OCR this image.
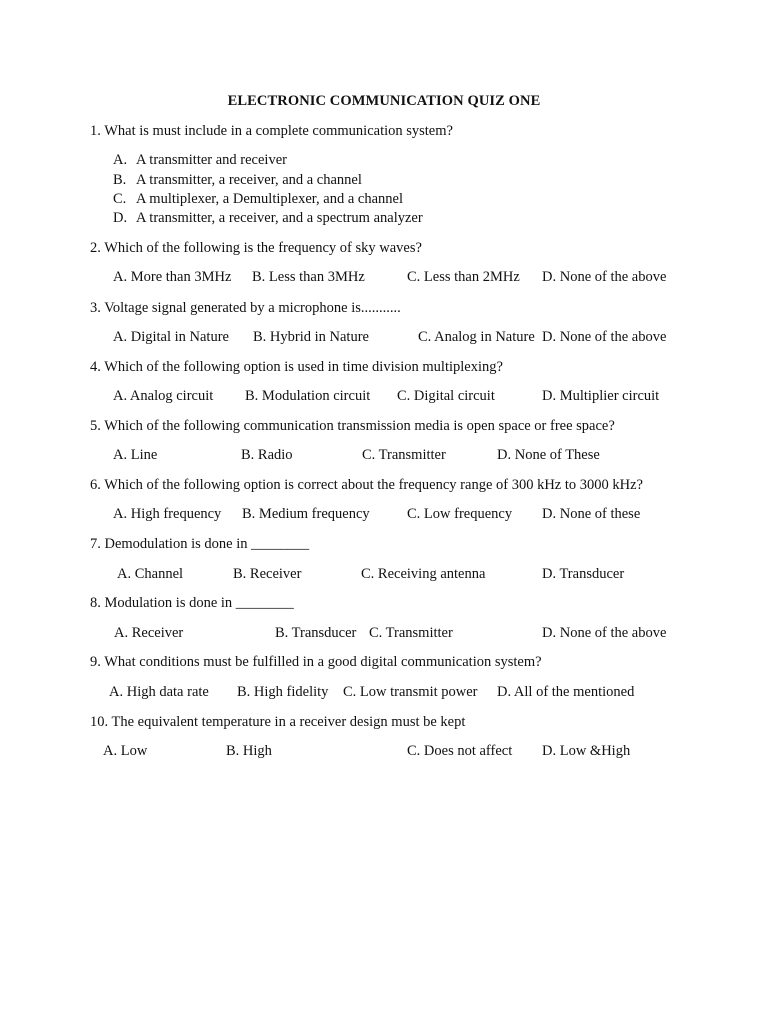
ELECTRONIC COMMUNICATION QUIZ ONE
1. What is must include in a complete communication system?
A. A transmitter and receiver
B. A transmitter, a receiver, and a channel
C. A multiplexer, a Demultiplexer, and a channel
D. A transmitter, a receiver, and a spectrum analyzer
2. Which of the following is the frequency of sky waves?
A. More than 3MHz B. Less than 3MHz	C. Less than 2MHz D. None of the above
3. Voltage signal generated by a microphone is...........
A. Digital in Nature B. Hybrid in Nature	C. Analog in Nature D. None of the above
4. Which of the following option is used in time division multiplexing?
A. Analog circuit B. Modulation circuit C. Digital circuit	D. Multiplier circuit
5. Which of the following communication transmission media is open space or free space?
A. Line	B. Radio	C. Transmitter	D. None of These
6. Which of the following option is correct about the frequency range of 300 kHz to 3000 kHz?
A. High frequency B. Medium frequency	C. Low frequency D. None of these
7. Demodulation is done in ________
A. Channel	B. Receiver	C. Receiving antenna	D. Transducer
8. Modulation is done in ________
A. Receiver	B. Transducer C. Transmitter	D. None of the above
9. What conditions must be fulfilled in a good digital communication system?
A. High data rate B. High fidelity C. Low transmit power D. All of the mentioned
10. The equivalent temperature in a receiver design must be kept
A. Low	B. High	C. Does not affect D. Low &High
